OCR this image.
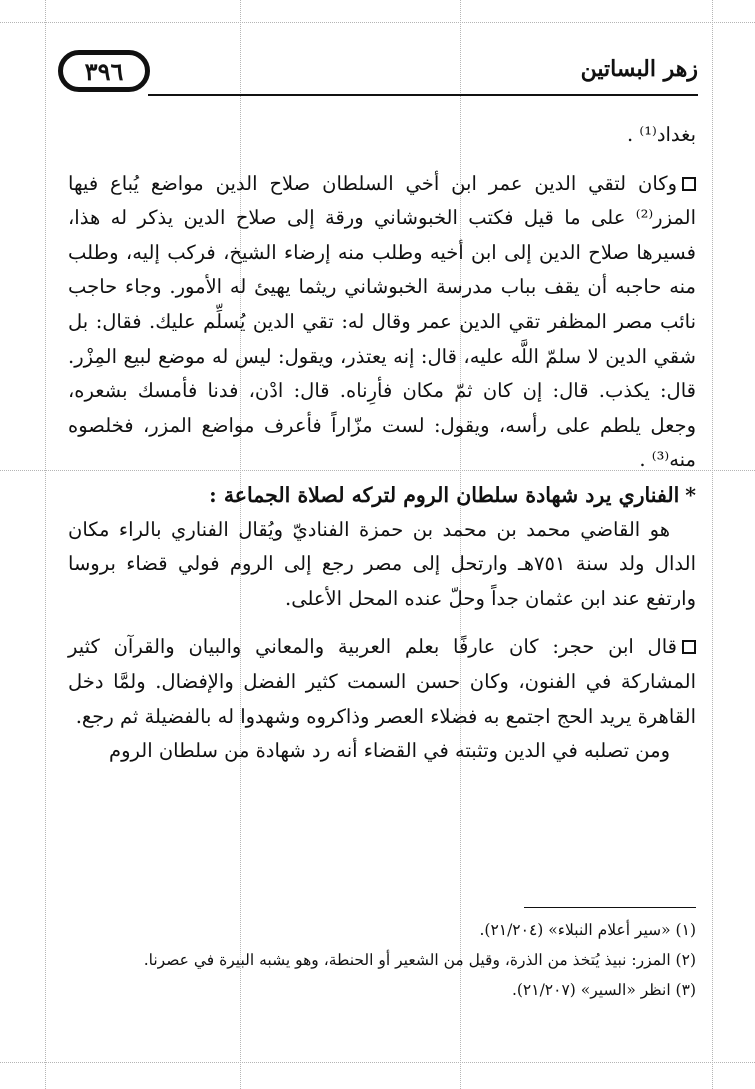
٣٩٦	زهر البساتين

بغداد⁽¹⁾ .

وكان لتقي الدين عمر ابن أخي السلطان صلاح الدين مواضع يُباع فيها المزر⁽²⁾ على ما قيل فكتب الخبوشاني ورقة إلى صلاح الدين يذكر له هذا، فسيرها صلاح الدين إلى ابن أخيه وطلب منه إرضاء الشيخ، فركب إليه، وطلب منه حاجبه أن يقف بباب مدرسة الخبوشاني ريثما يهيئ له الأمور. وجاء حاجب نائب مصر المظفر تقي الدين عمر وقال له: تقي الدين يُسلِّم عليك. فقال: بل شقي الدين لا سلمّ اللَّه عليه، قال: إنه يعتذر، ويقول: ليس له موضع لبيع المِزْر. قال: يكذب. قال: إن كان ثمّ مكان فأرِناه. قال: ادْن، فدنا فأمسك بشعره، وجعل يلطم على رأسه، ويقول: لست مزّاراً فأعرف مواضع المزر، فخلصوه منه⁽³⁾ .

*الفناري يرد شهادة سلطان الروم لتركه لصلاة الجماعة :

هو القاضي محمد بن محمد بن حمزة الفناديّ ويُقال الفناري بالراء مكان الدال ولد سنة ٧٥١هـ وارتحل إلى مصر رجع إلى الروم فولي قضاء بروسا وارتفع عند ابن عثمان جداً وحلّ عنده المحل الأعلى.

قال ابن حجر: كان عارفًا بعلم العربية والمعاني والبيان والقرآن كثير المشاركة في الفنون، وكان حسن السمت كثير الفضل والإفضال. ولمَّا دخل القاهرة يريد الحج اجتمع به فضلاء العصر وذاكروه وشهدوا له بالفضيلة ثم رجع.

ومن تصلبه في الدين وتثبته في القضاء أنه رد شهادة من سلطان الروم

(١) «سير أعلام النبلاء» (٢١/٢٠٤).

(٢) المزر: نبيذ يُتخذ من الذرة، وقيل من الشعير أو الحنطة، وهو يشبه البيرة في عصرنا.

(٣) انظر «السير» (٢١/٢٠٧).
